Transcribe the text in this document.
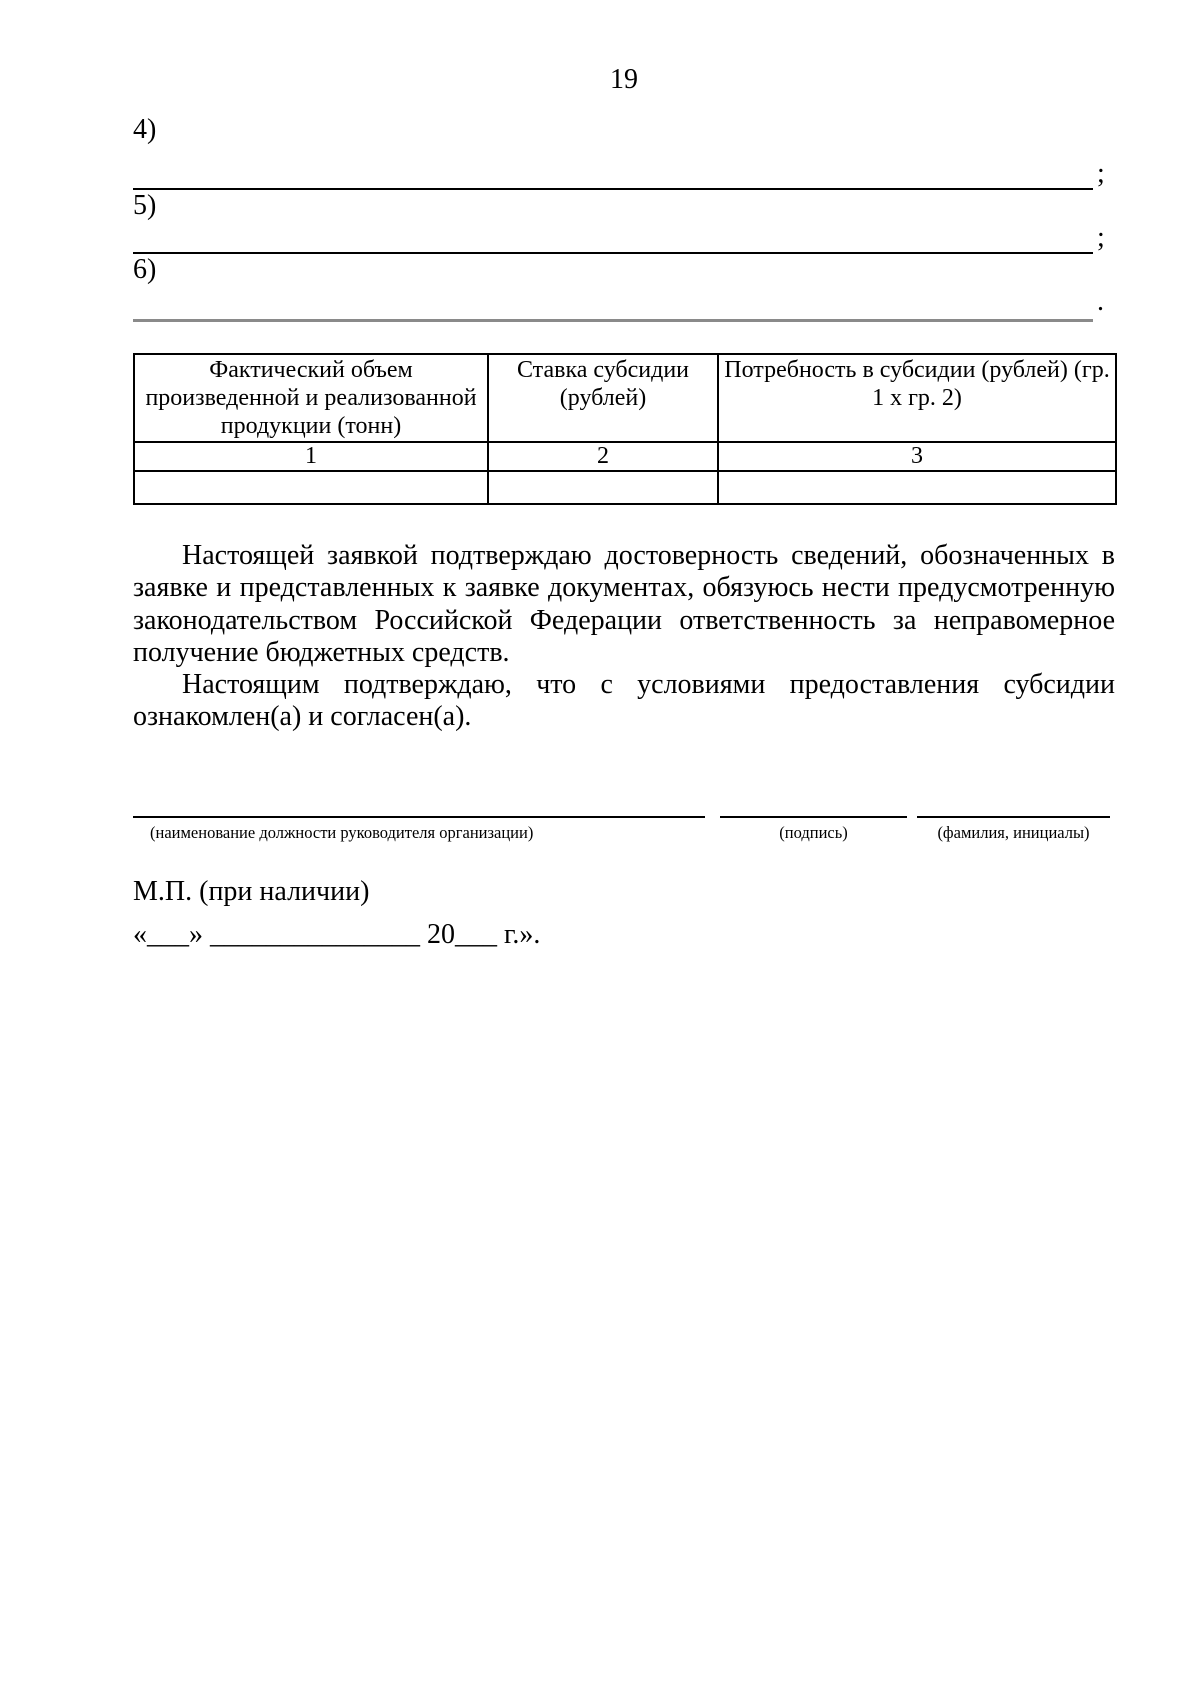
19
4)
;
5)
;
6)
.
Фактический объем произведенной и реализованной продукции (тонн)	Ставка субсидии (рублей)	Потребность в субсидии (рублей) (гр. 1 х гр. 2)
1	2	3

Настоящей заявкой подтверждаю достоверность сведений, обозначенных в заявке и представленных к заявке документах, обязуюсь нести предусмотренную законодательством Российской Федерации ответственность за неправомерное получение бюджетных средств.

Настоящим подтверждаю, что с условиями предоставления субсидии ознакомлен(а) и согласен(а).

(наименование должности руководителя организации)	(подпись)	(фамилия, инициалы)
М.П. (при наличии)
«___» _______________ 20___ г.».
